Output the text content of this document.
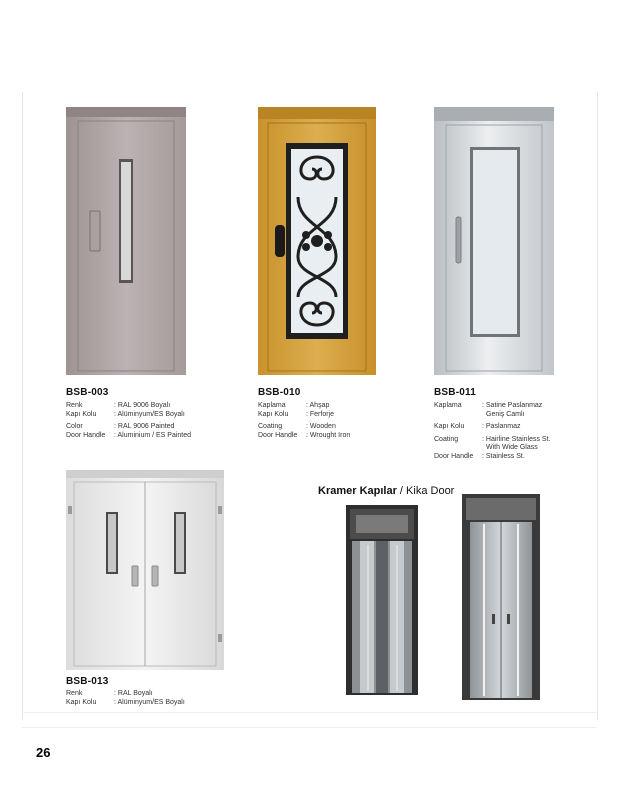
BSB-003
Renk	: RAL 9006 Boyalı
Kapı Kolu	: Alüminyum/ES Boyalı
Color	: RAL 9006 Painted
Door Handle	: Aluminium / ES Painted
BSB-010
Kaplama	: Ahşap
Kapı Kolu	: Ferforje
Coating	: Wooden
Door Handle	: Wrought Iron
BSB-011
Kaplama	: Satine Paslanmaz
Geniş Camlı
Kapı Kolu	: Paslanmaz
Coating	: Hairline Stainless St.
With Wide Glass
Door Handle	: Stainless St.
BSB-013
Renk	: RAL Boyalı
Kapı Kolu	: Alüminyum/ES Boyalı
Kramer Kapılar / Kika Door
26
